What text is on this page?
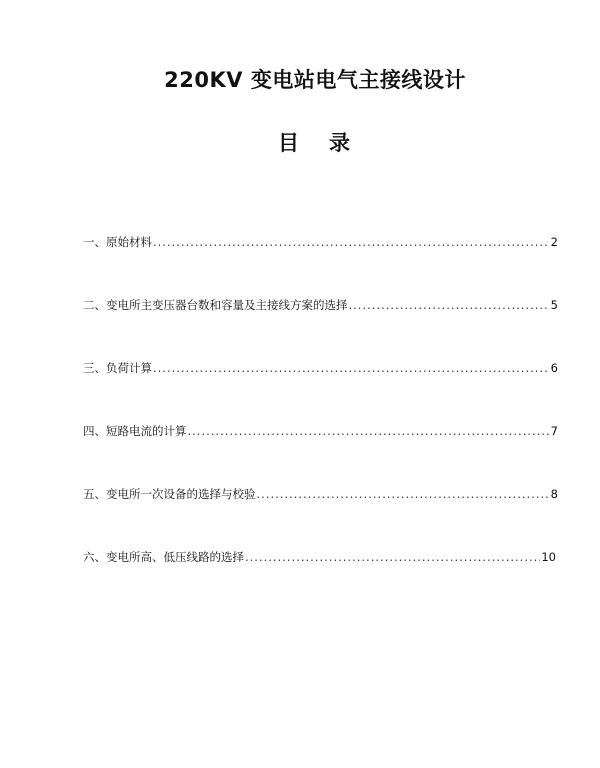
220KV 变电站电气主接线设计
目   录
一、原始材料 .....	2
二、变电所主变压器台数和容量及主接线方案的选择 .....	5
三、负荷计算 .....	6
四、短路电流的计算 .....	7
五、变电所一次设备的选择与校验 .....	8
六、变电所高、低压线路的选择 .....	10
